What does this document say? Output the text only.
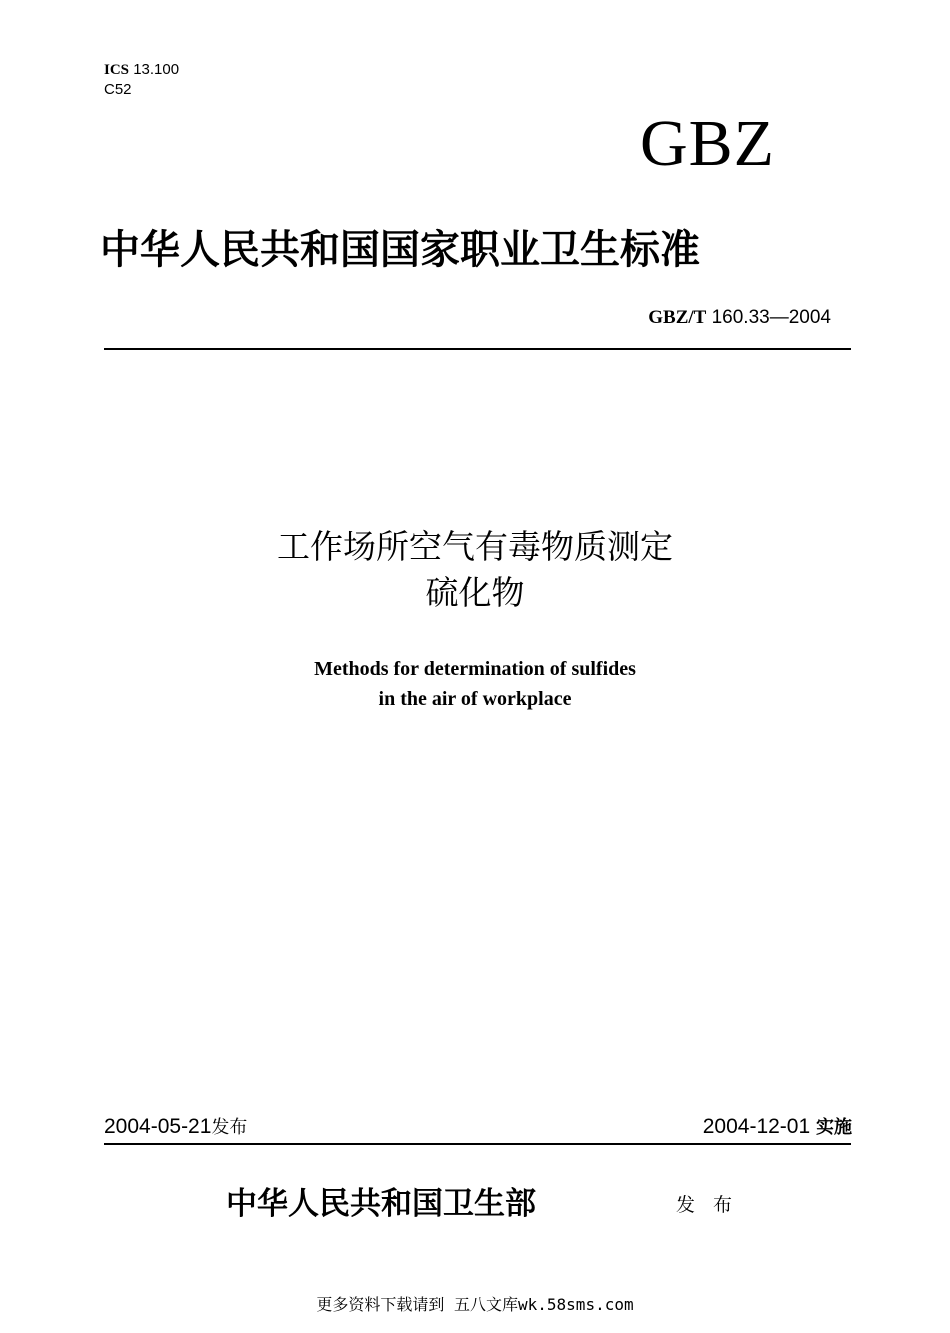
ICS 13.100
C52
GBZ
中华人民共和国国家职业卫生标准
GBZ/T 160.33—2004
工作场所空气有毒物质测定
硫化物
Methods for determination of sulfides
in the air of workplace
2004-05-21发布	2004-12-01 实施
中华人民共和国卫生部	发 布
更多资料下载请到 五八文库wk.58sms.com
